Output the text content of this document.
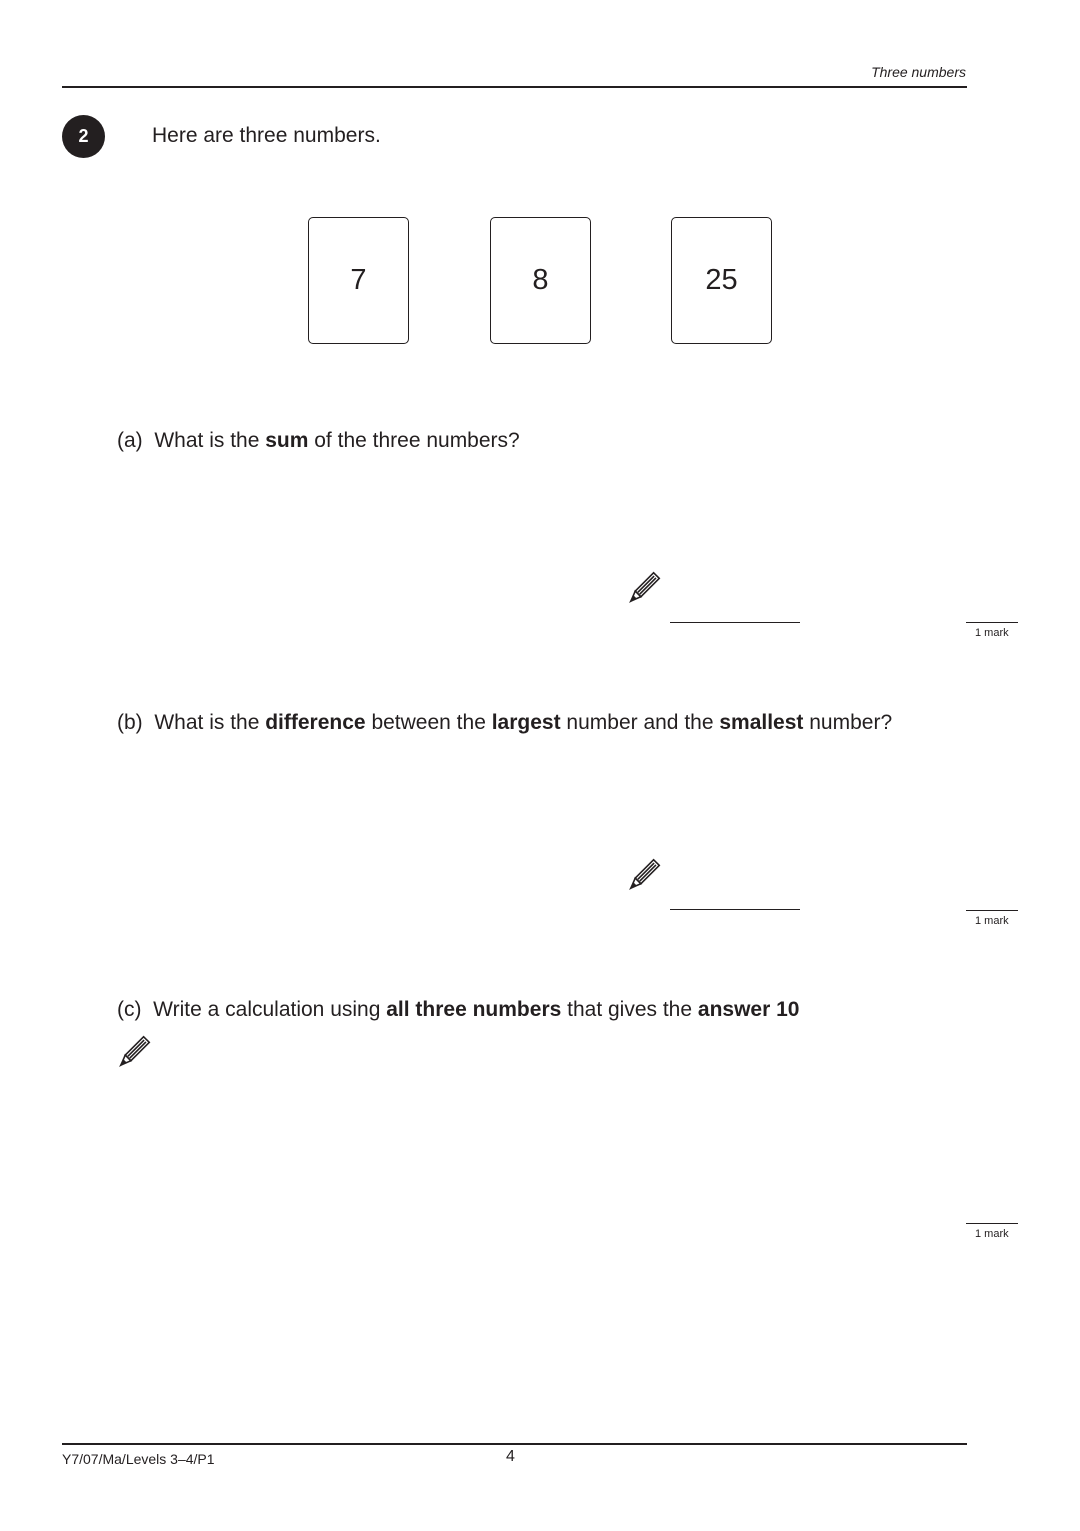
Three numbers
2	Here are three numbers.
7	8	25
(a) What is the sum of the three numbers?
1 mark
(b) What is the difference between the largest number and the smallest number?
1 mark
(c) Write a calculation using all three numbers that gives the answer 10
1 mark
Y7/07/Ma/Levels 3–4/P1	4
